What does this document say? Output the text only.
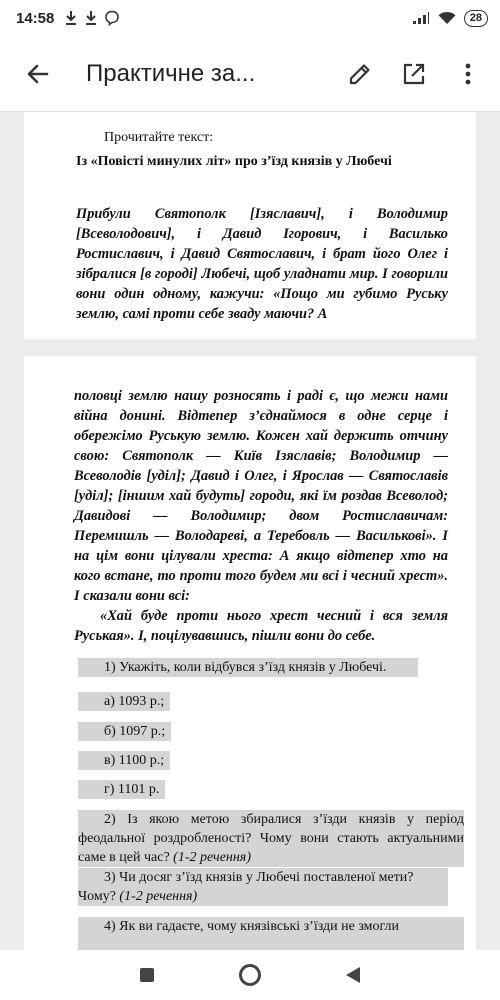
14:58	28
Практичне за...
Прочитайте текст:
Із «Повісті минулих літ» про з’їзд князів у Любечі
Прибули Святополк [Ізяславич], і Володимир [Всеволодович], і Давид Ігорович, і Василько Ростиславич, і Давид Святославич, і брат його Олег і зібралися [в городі] Любечі, щоб уладнати мир. І говорили вони один одному, кажучи: «Пощо ми губимо Руську землю, самі проти себе зваду маючи? А
половці землю нашу розносять і раді є, що межи нами війна донині. Відтепер з’єднаймося в одне серце і обережімо Руськую землю. Кожен хай держить отчину свою: Святополк — Київ Ізяславів; Володимир — Всеволодів [уділ]; Давид і Олег, і Ярослав — Святославів [уділ]; [іншим хай будуть] городи, які їм роздав Всеволод; Давидові — Володимир; двом Ростиславичам: Перемишль — Володареві, а Теребовль — Васильковi». І на цім вони цілували хреста: А якщо відтепер хто на кого встане, то проти того будем ми всі і чесний хрест». І сказали вони всі:
«Хай буде проти нього хрест чесний і вся земля Руськая». І, поцілувавшись, пішли вони до себе.
1) Укажіть, коли відбувся з’їзд князів у Любечі.
а) 1093 р.;
б) 1097 р.;
в) 1100 р.;
г) 1101 р.
2) Із якою метою збиралися з’їзди князів у період феодальної роздробленості? Чому вони стають актуальними саме в цей час? (1-2 речення)
3) Чи досяг з’їзд князів у Любечі поставленої мети? Чому? (1-2 речення)
4) Як ви гадаєте, чому князівські з’їзди не змогли
